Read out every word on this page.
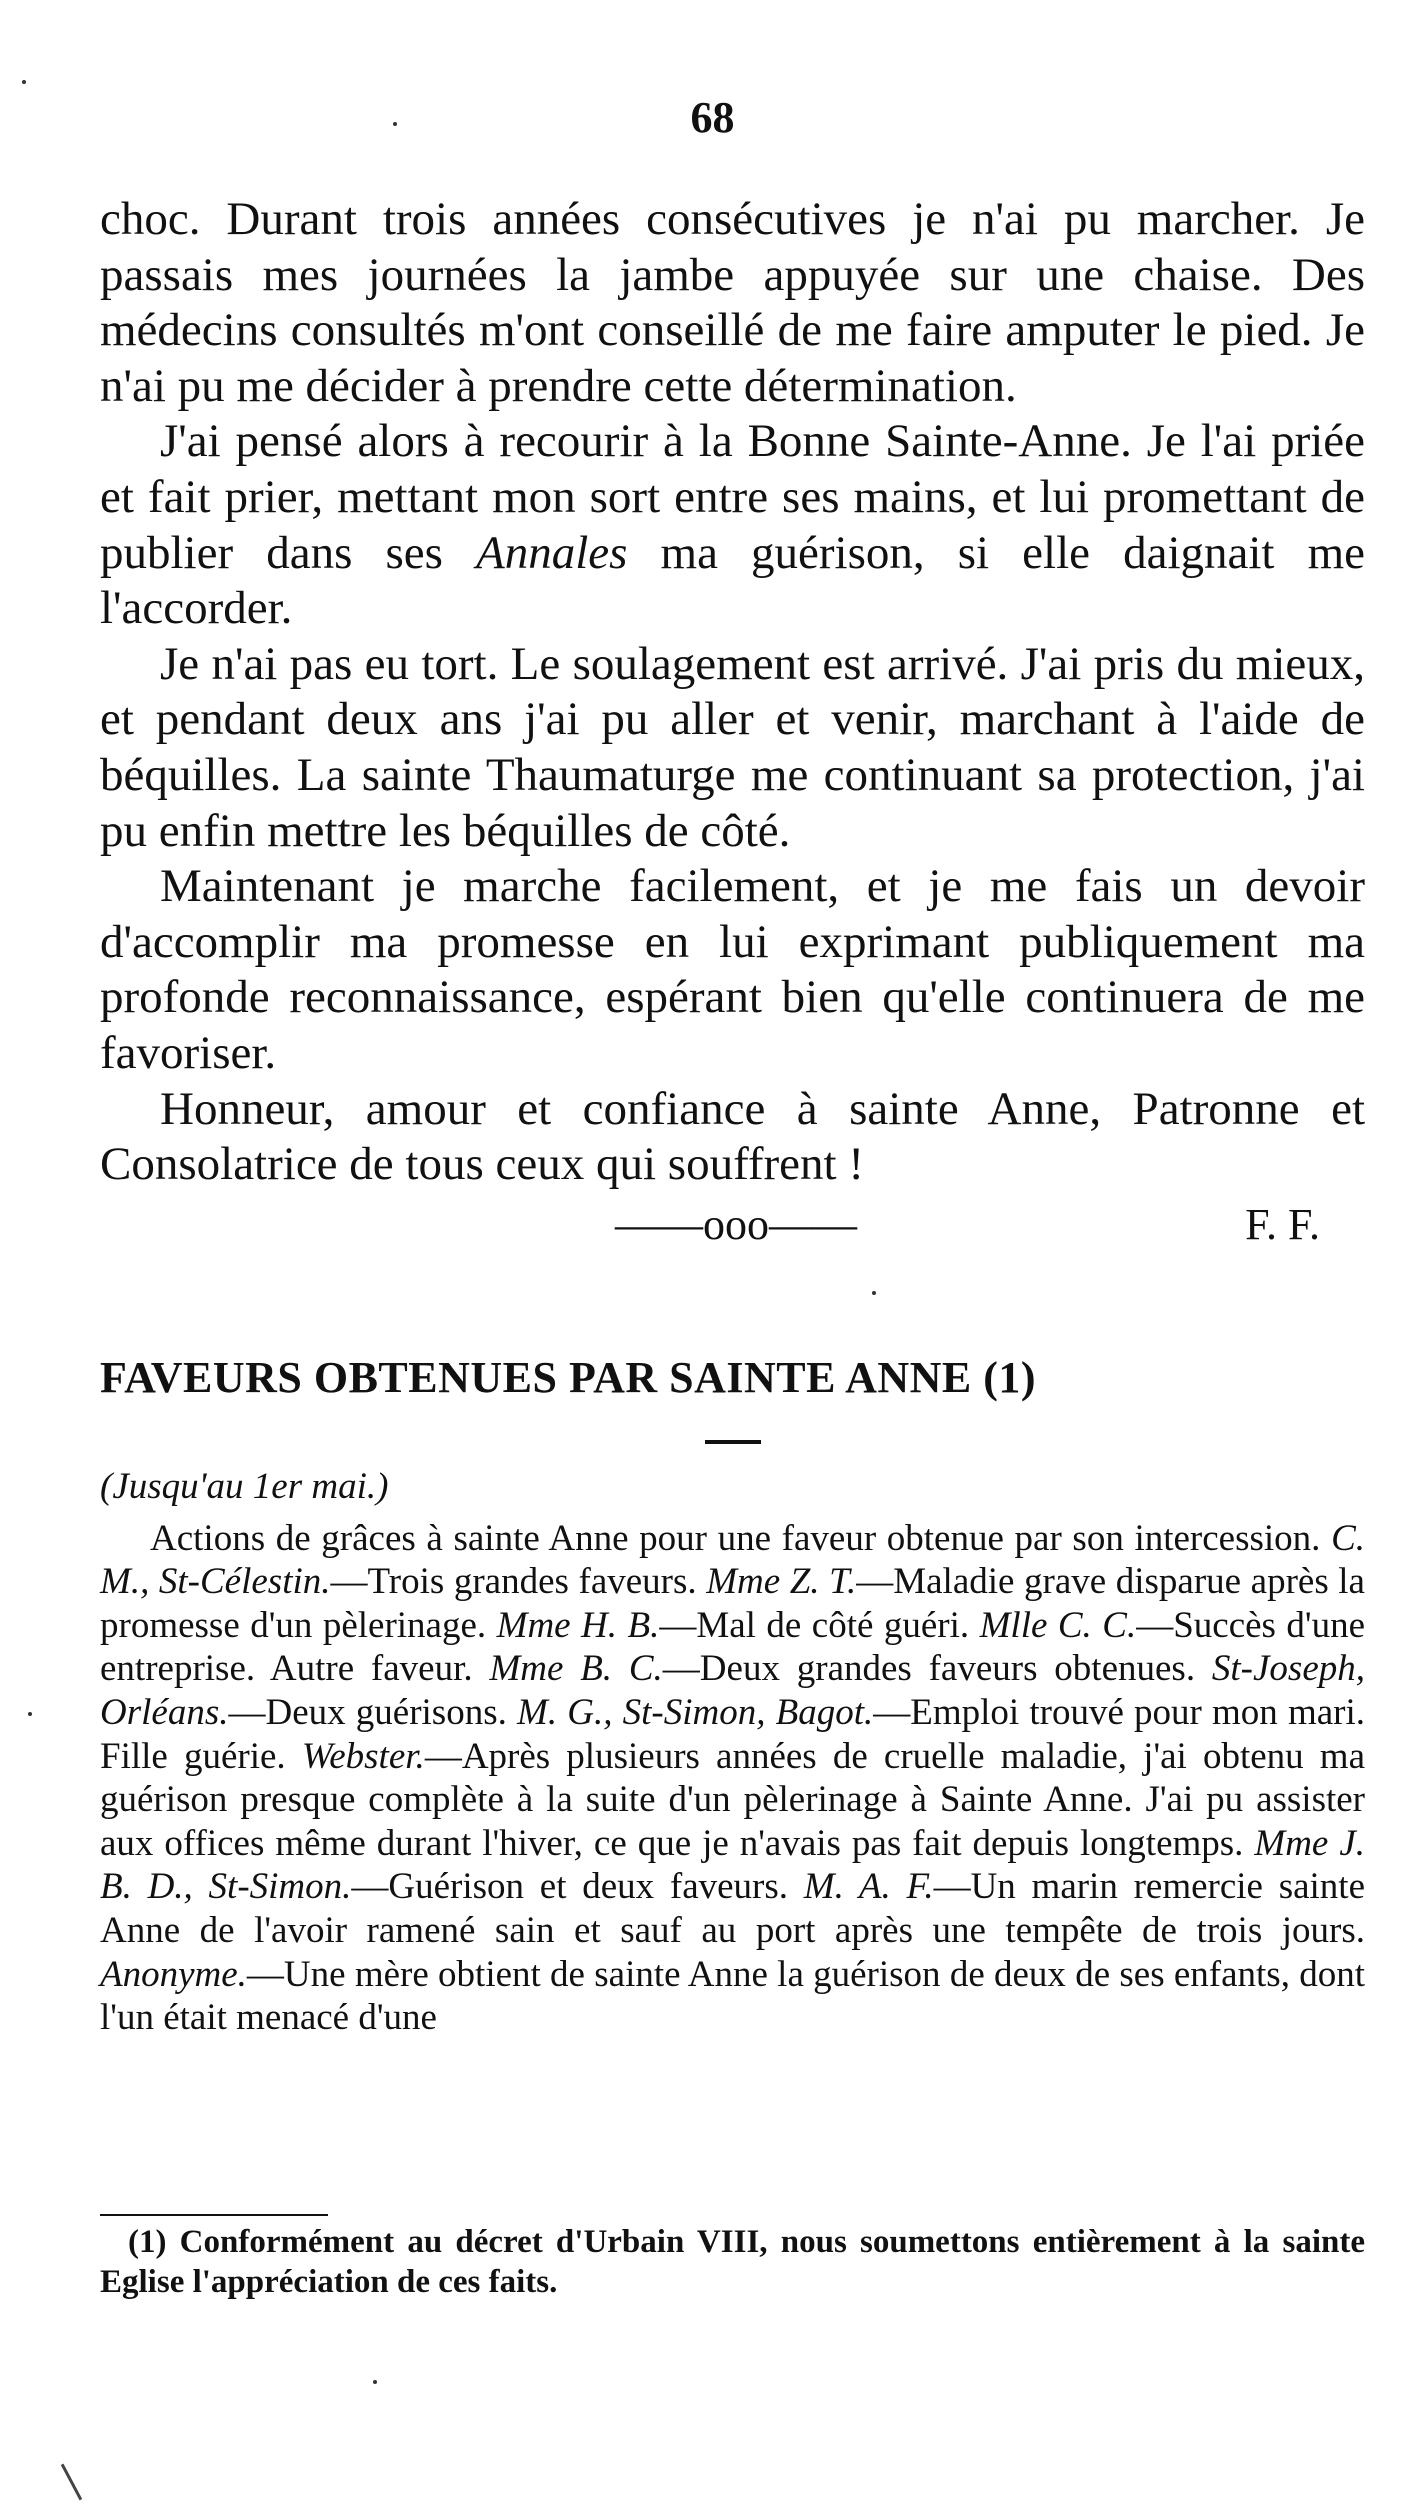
68

choc. Durant trois années consécutives je n'ai pu marcher. Je passais mes journées la jambe appuyée sur une chaise. Des médecins consultés m'ont conseillé de me faire amputer le pied. Je n'ai pu me décider à prendre cette détermination.

J'ai pensé alors à recourir à la Bonne Sainte-Anne. Je l'ai priée et fait prier, mettant mon sort entre ses mains, et lui promettant de publier dans ses Annales ma guérison, si elle daignait me l'accorder.

Je n'ai pas eu tort. Le soulagement est arrivé. J'ai pris du mieux, et pendant deux ans j'ai pu aller et venir, marchant à l'aide de béquilles. La sainte Thaumaturge me continuant sa protection, j'ai pu enfin mettre les béquilles de côté.

Maintenant je marche facilement, et je me fais un devoir d'accomplir ma promesse en lui exprimant publiquement ma profonde reconnaissance, espérant bien qu'elle continuera de me favoriser.

Honneur, amour et confiance à sainte Anne, Patronne et Consolatrice de tous ceux qui souffrent !

——ooo——	F. F.
FAVEURS OBTENUES PAR SAINTE ANNE (1)

(Jusqu'au 1er mai.)

Actions de grâces à sainte Anne pour une faveur obtenue par son intercession. C. M., St-Célestin.—Trois grandes faveurs. Mme Z. T.—Maladie grave disparue après la promesse d'un pèlerinage. Mme H. B.—Mal de côté guéri. Mlle C. C.—Succès d'une entreprise. Autre faveur. Mme B. C.—Deux grandes faveurs obtenues. St-Joseph, Orléans.—Deux guérisons. M. G., St-Simon, Bagot.—Emploi trouvé pour mon mari. Fille guérie. Webster.—Après plusieurs années de cruelle maladie, j'ai obtenu ma guérison presque complète à la suite d'un pèlerinage à Sainte Anne. J'ai pu assister aux offices même durant l'hiver, ce que je n'avais pas fait depuis longtemps. Mme J. B. D., St-Simon.—Guérison et deux faveurs. M. A. F.—Un marin remercie sainte Anne de l'avoir ramené sain et sauf au port après une tempête de trois jours. Anonyme.—Une mère obtient de sainte Anne la guérison de deux de ses enfants, dont l'un était menacé d'une

(1) Conformément au décret d'Urbain VIII, nous soumettons entièrement à la sainte Eglise l'appréciation de ces faits.
